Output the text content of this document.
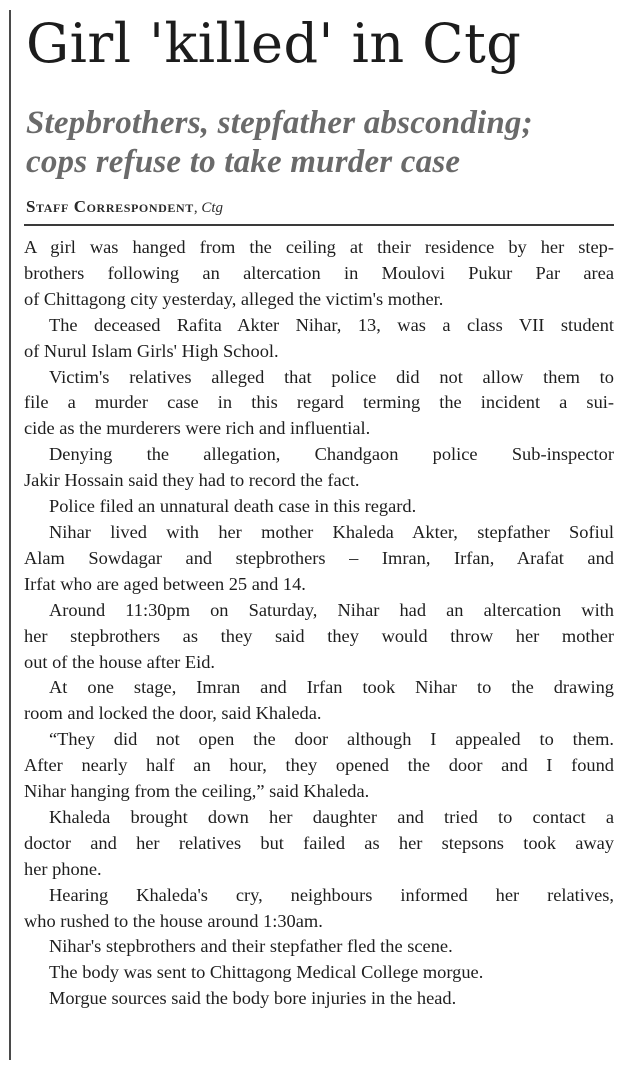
Girl 'killed' in Ctg
Stepbrothers, stepfather absconding;
cops refuse to take murder case
Staff Correspondent, Ctg
A girl was hanged from the ceiling at their residence by her step-
brothers following an altercation in Moulovi Pukur Par area
of Chittagong city yesterday, alleged the victim's mother.
The deceased Rafita Akter Nihar, 13, was a class VII student
of Nurul Islam Girls' High School.
Victim's relatives alleged that police did not allow them to
file a murder case in this regard terming the incident a sui-
cide as the murderers were rich and influential.
Denying the allegation, Chandgaon police Sub-inspector
Jakir Hossain said they had to record the fact.
Police filed an unnatural death case in this regard.
Nihar lived with her mother Khaleda Akter, stepfather Sofiul
Alam Sowdagar and stepbrothers – Imran, Irfan, Arafat and
Irfat who are aged between 25 and 14.
Around 11:30pm on Saturday, Nihar had an altercation with
her stepbrothers as they said they would throw her mother
out of the house after Eid.
At one stage, Imran and Irfan took Nihar to the drawing
room and locked the door, said Khaleda.
“They did not open the door although I appealed to them.
After nearly half an hour, they opened the door and I found
Nihar hanging from the ceiling,” said Khaleda.
Khaleda brought down her daughter and tried to contact a
doctor and her relatives but failed as her stepsons took away
her phone.
Hearing Khaleda's cry, neighbours informed her relatives,
who rushed to the house around 1:30am.
Nihar's stepbrothers and their stepfather fled the scene.
The body was sent to Chittagong Medical College morgue.
Morgue sources said the body bore injuries in the head.
